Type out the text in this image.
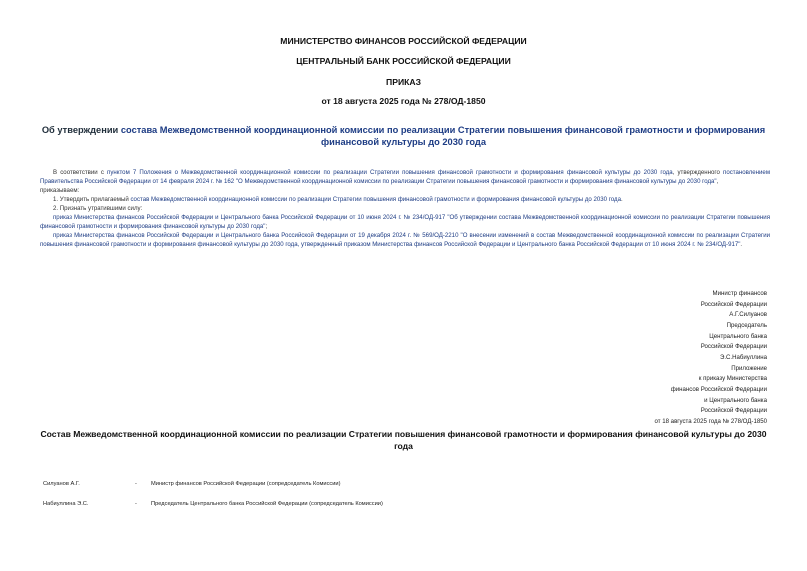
МИНИСТЕРСТВО ФИНАНСОВ РОССИЙСКОЙ ФЕДЕРАЦИИ
ЦЕНТРАЛЬНЫЙ БАНК РОССИЙСКОЙ ФЕДЕРАЦИИ
ПРИКАЗ
от 18 августа 2025 года № 278/ОД-1850
Об утверждении состава Межведомственной координационной комиссии по реализации Стратегии повышения финансовой грамотности и формирования финансовой культуры до 2030 года

В соответствии с пунктом 7 Положения о Межведомственной координационной комиссии по реализации Стратегии повышения финансовой грамотности и формирования финансовой культуры до 2030 года, утвержденного постановлением Правительства Российской Федерации от 14 февраля 2024 г. № 162 "О Межведомственной координационной комиссии по реализации Стратегии повышения финансовой грамотности и формирования финансовой культуры до 2030 года",

приказываем:

1. Утвердить прилагаемый состав Межведомственной координационной комиссии по реализации Стратегии повышения финансовой грамотности и формирования финансовой культуры до 2030 года.

2. Признать утратившими силу:

приказ Министерства финансов Российской Федерации и Центрального банка Российской Федерации от 10 июня 2024 г. № 234/ОД-917 "Об утверждении состава Межведомственной координационной комиссии по реализации Стратегии повышения финансовой грамотности и формирования финансовой культуры до 2030 года";

приказ Министерства финансов Российской Федерации и Центрального банка Российской Федерации от 19 декабря 2024 г. № 569/ОД-2210 "О внесении изменений в состав Межведомственной координационной комиссии по реализации Стратегии повышения финансовой грамотности и формирования финансовой культуры до 2030 года, утвержденный приказом Министерства финансов Российской Федерации и Центрального банка Российской Федерации от 10 июня 2024 г. № 234/ОД-917".

Министр финансов
Российской Федерации
А.Г.Силуанов
Председатель
Центрального банка
Российской Федерации
Э.С.Набиуллина
Приложение
к приказу Министерства
финансов Российской Федерации
и Центрального банка
Российской Федерации
от 18 августа 2025 года № 278/ОД-1850
Состав Межведомственной координационной комиссии по реализации Стратегии повышения финансовой грамотности и формирования финансовой культуры до 2030 года
Силуанов А.Г.	- Министр финансов Российской Федерации (сопредседатель Комиссии)
Набиуллина Э.С.	- Председатель Центрального банка Российской Федерации (сопредседатель Комиссии)
